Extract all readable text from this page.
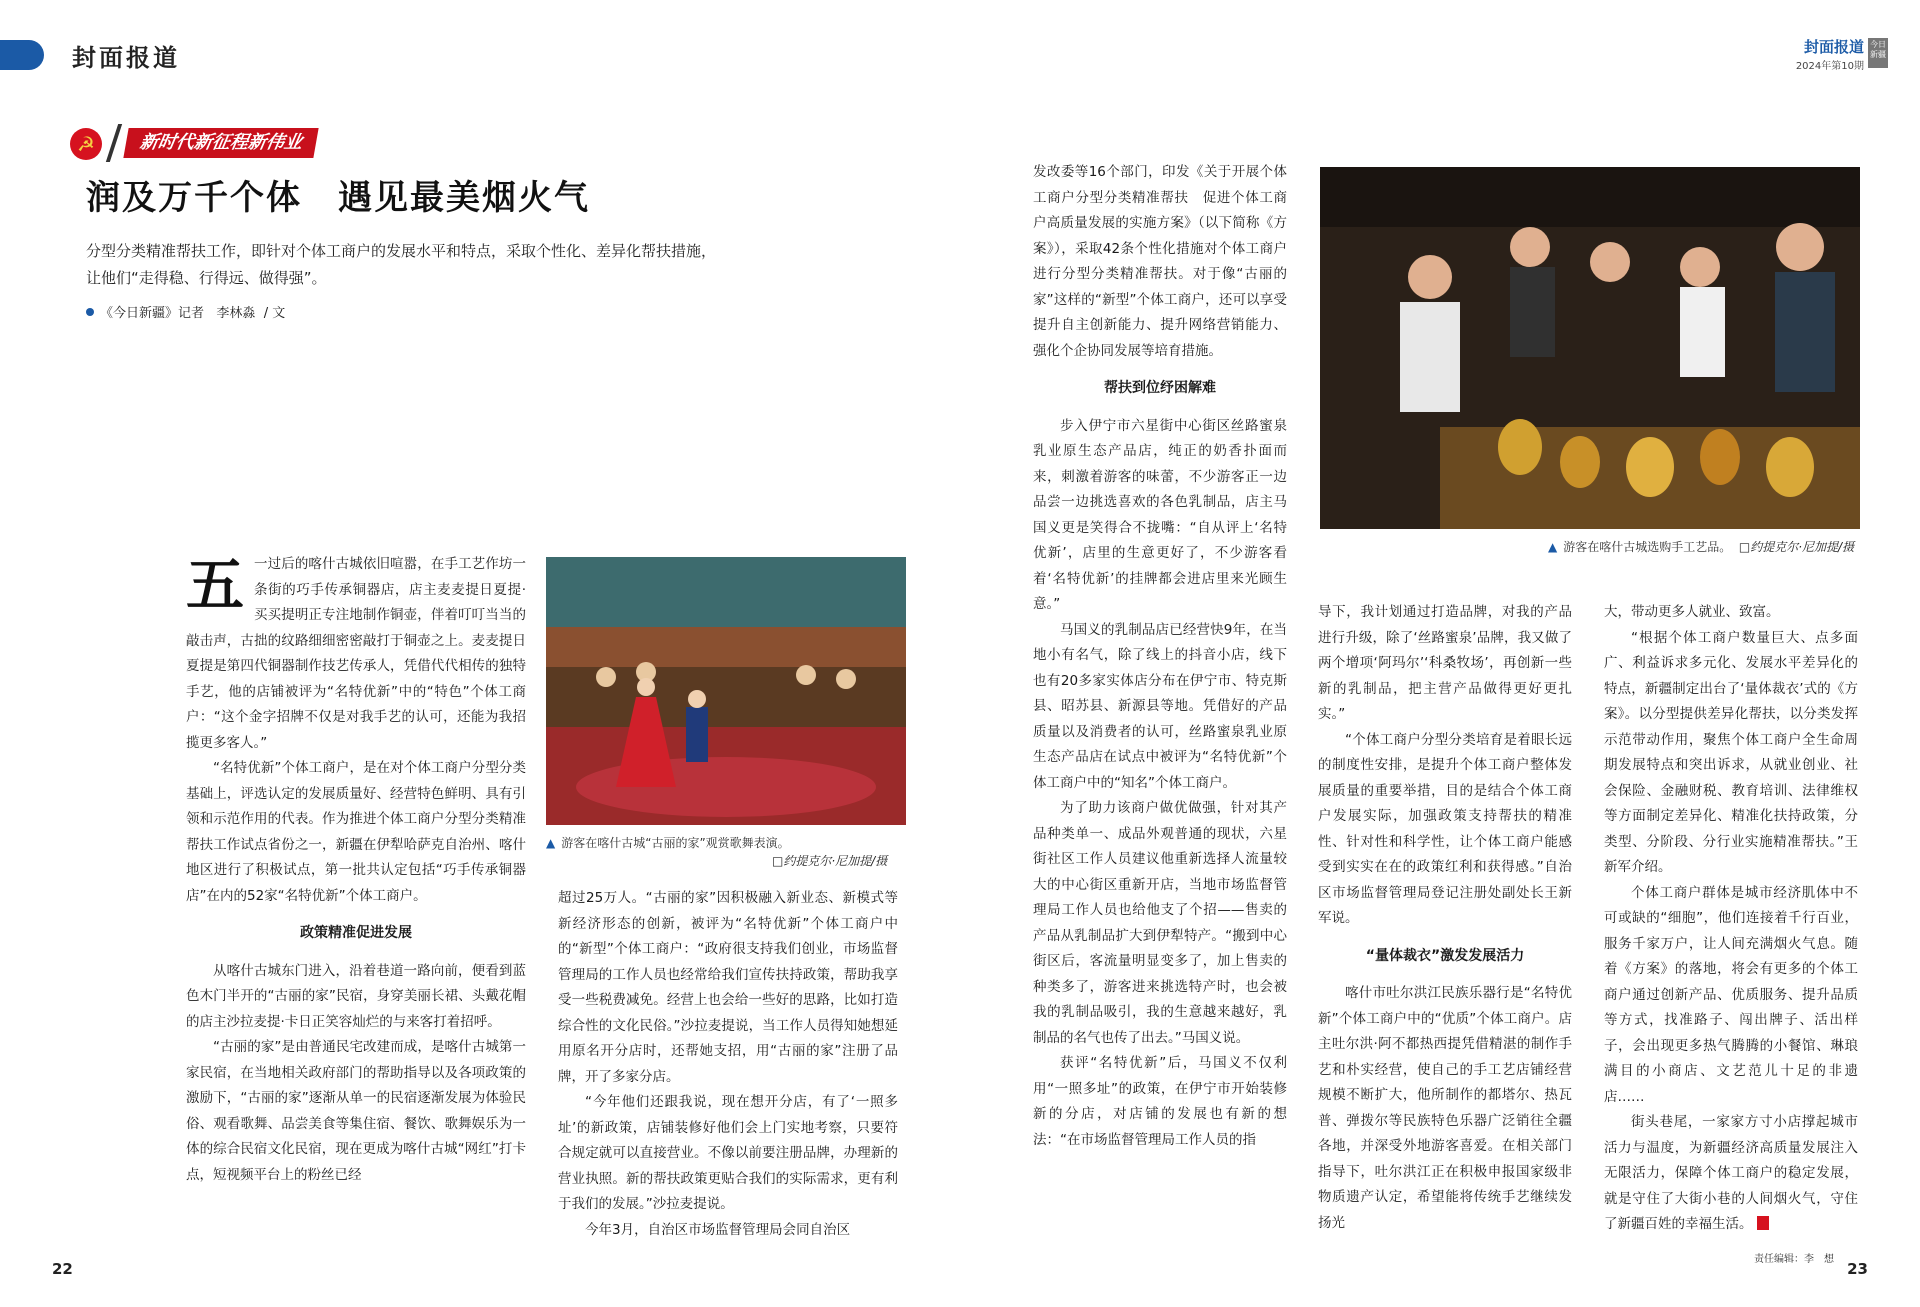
封面报道	封面报道
2024年第10期
今日新疆
☭	新时代新征程新伟业
润及万千个体　遇见最美烟火气
分型分类精准帮扶工作，即针对个体工商户的发展水平和特点，采取个性化、差异化帮扶措施，让他们“走得稳、行得远、做得强”。
《今日新疆》记者 李林淼 / 文
▲ 游客在喀什古城“古丽的家”观赏歌舞表演。
□约提克尔·尼加提/摄
▲ 游客在喀什古城选购手工艺品。 □约提克尔·尼加提/摄
五 一过后的喀什古城依旧喧嚣，在手工艺作坊一条街的巧手传承铜器店，店主麦麦提日夏提·买买提明正专注地制作铜壶，伴着叮叮当当的敲击声，古拙的纹路细细密密敲打于铜壶之上。麦麦提日夏提是第四代铜器制作技艺传承人，凭借代代相传的独特手艺，他的店铺被评为“名特优新”中的“特色”个体工商户：“这个金字招牌不仅是对我手艺的认可，还能为我招揽更多客人。”

“名特优新”个体工商户，是在对个体工商户分型分类基础上，评选认定的发展质量好、经营特色鲜明、具有引领和示范作用的代表。作为推进个体工商户分型分类精准帮扶工作试点省份之一，新疆在伊犁哈萨克自治州、喀什地区进行了积极试点，第一批共认定包括“巧手传承铜器店”在内的52家“名特优新”个体工商户。

政策精准促进发展

从喀什古城东门进入，沿着巷道一路向前，便看到蓝色木门半开的“古丽的家”民宿，身穿美丽长裙、头戴花帽的店主沙拉麦提·卡日正笑容灿烂的与来客打着招呼。

“古丽的家”是由普通民宅改建而成，是喀什古城第一家民宿，在当地相关政府部门的帮助指导以及各项政策的激励下，“古丽的家”逐渐从单一的民宿逐渐发展为体验民俗、观看歌舞、品尝美食等集住宿、餐饮、歌舞娱乐为一体的综合民宿文化民宿，现在更成为喀什古城“网红”打卡点，短视频平台上的粉丝已经

超过25万人。“古丽的家”因积极融入新业态、新模式等新经济形态的创新，被评为“名特优新”个体工商户中的“新型”个体工商户：“政府很支持我们创业，市场监督管理局的工作人员也经常给我们宣传扶持政策，帮助我享受一些税费减免。经营上也会给一些好的思路，比如打造综合性的文化民俗。”沙拉麦提说，当工作人员得知她想延用原名开分店时，还帮她支招，用“古丽的家”注册了品牌，开了多家分店。

“今年他们还跟我说，现在想开分店，有了‘一照多址’的新政策，店铺装修好他们会上门实地考察，只要符合规定就可以直接营业。不像以前要注册品牌，办理新的营业执照。新的帮扶政策更贴合我们的实际需求，更有利于我们的发展。”沙拉麦提说。

今年3月，自治区市场监督管理局会同自治区

发改委等16个部门，印发《关于开展个体工商户分型分类精准帮扶　促进个体工商户高质量发展的实施方案》（以下简称《方案》），采取42条个性化措施对个体工商户进行分型分类精准帮扶。对于像“古丽的家”这样的“新型”个体工商户，还可以享受提升自主创新能力、提升网络营销能力、强化个企协同发展等培育措施。

帮扶到位纾困解难

步入伊宁市六星街中心街区丝路蜜泉乳业原生态产品店，纯正的奶香扑面而来，刺激着游客的味蕾，不少游客正一边品尝一边挑选喜欢的各色乳制品，店主马国义更是笑得合不拢嘴：“自从评上‘名特优新’，店里的生意更好了，不少游客看着‘名特优新’的挂牌都会进店里来光顾生意。”

马国义的乳制品店已经营快9年，在当地小有名气，除了线上的抖音小店，线下也有20多家实体店分布在伊宁市、特克斯县、昭苏县、新源县等地。凭借好的产品质量以及消费者的认可，丝路蜜泉乳业原生态产品店在试点中被评为“名特优新”个体工商户中的“知名”个体工商户。

为了助力该商户做优做强，针对其产品种类单一、成品外观普通的现状，六星街社区工作人员建议他重新选择人流量较大的中心街区重新开店，当地市场监督管理局工作人员也给他支了个招——售卖的产品从乳制品扩大到伊犁特产。“搬到中心街区后，客流量明显变多了，加上售卖的种类多了，游客进来挑选特产时，也会被我的乳制品吸引，我的生意越来越好，乳制品的名气也传了出去。”马国义说。

获评“名特优新”后，马国义不仅利用“一照多址”的政策，在伊宁市开始装修新的分店，对店铺的发展也有新的想法：“在市场监督管理局工作人员的指

导下，我计划通过打造品牌，对我的产品进行升级，除了‘丝路蜜泉’品牌，我又做了两个增项‘阿玛尔’‘科桑牧场’，再创新一些新的乳制品，把主营产品做得更好更扎实。”

“个体工商户分型分类培育是着眼长远的制度性安排，是提升个体工商户整体发展质量的重要举措，目的是结合个体工商户发展实际，加强政策支持帮扶的精准性、针对性和科学性，让个体工商户能感受到实实在在的政策红利和获得感。”自治区市场监督管理局登记注册处副处长王新军说。

“量体裁衣”激发发展活力

喀什市吐尔洪江民族乐器行是“名特优新”个体工商户中的“优质”个体工商户。店主吐尔洪·阿不都热西提凭借精湛的制作手艺和朴实经营，使自己的手工艺店铺经营规模不断扩大，他所制作的都塔尔、热瓦普、弹拨尔等民族特色乐器广泛销往全疆各地，并深受外地游客喜爱。在相关部门指导下，吐尔洪江正在积极申报国家级非物质遗产认定，希望能将传统手艺继续发扬光

大，带动更多人就业、致富。

“根据个体工商户数量巨大、点多面广、利益诉求多元化、发展水平差异化的特点，新疆制定出台了‘量体裁衣’式的《方案》。以分型提供差异化帮扶，以分类发挥示范带动作用，聚焦个体工商户全生命周期发展特点和突出诉求，从就业创业、社会保险、金融财税、教育培训、法律维权等方面制定差异化、精准化扶持政策，分类型、分阶段、分行业实施精准帮扶。”王新军介绍。

个体工商户群体是城市经济肌体中不可或缺的“细胞”，他们连接着千行百业，服务千家万户，让人间充满烟火气息。随着《方案》的落地，将会有更多的个体工商户通过创新产品、优质服务、提升品质等方式，找准路子、闯出牌子、活出样子，会出现更多热气腾腾的小餐馆、琳琅满目的小商店、文艺范儿十足的非遗店……

街头巷尾，一家家方寸小店撑起城市活力与温度，为新疆经济高质量发展注入无限活力，保障个体工商户的稳定发展，就是守住了大街小巷的人间烟火气，守住了新疆百姓的幸福生活。

22	23
责任编辑：李　想
